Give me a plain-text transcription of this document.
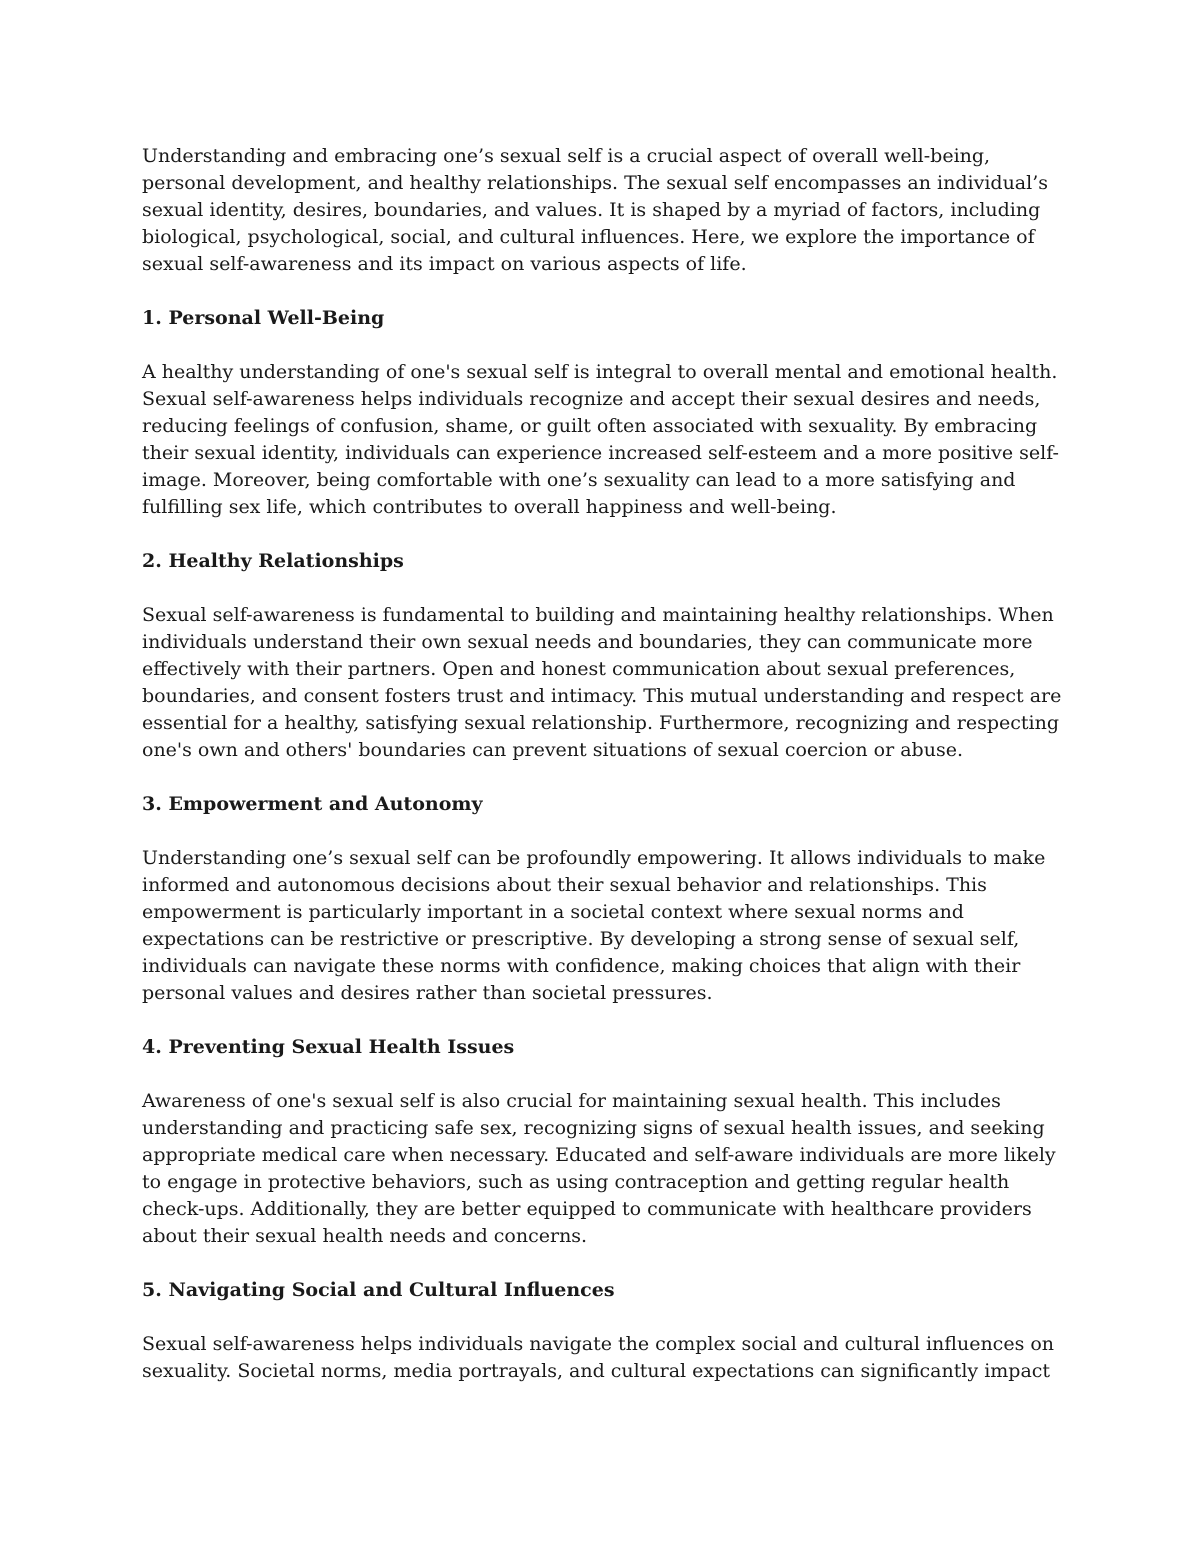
Understanding and embracing one’s sexual self is a crucial aspect of overall well-being, personal development, and healthy relationships. The sexual self encompasses an individual’s sexual identity, desires, boundaries, and values. It is shaped by a myriad of factors, including biological, psychological, social, and cultural influences. Here, we explore the importance of sexual self-awareness and its impact on various aspects of life.

1. Personal Well-Being

A healthy understanding of one's sexual self is integral to overall mental and emotional health. Sexual self-awareness helps individuals recognize and accept their sexual desires and needs, reducing feelings of confusion, shame, or guilt often associated with sexuality. By embracing their sexual identity, individuals can experience increased self-esteem and a more positive self-image. Moreover, being comfortable with one’s sexuality can lead to a more satisfying and fulfilling sex life, which contributes to overall happiness and well-being.

2. Healthy Relationships

Sexual self-awareness is fundamental to building and maintaining healthy relationships. When individuals understand their own sexual needs and boundaries, they can communicate more effectively with their partners. Open and honest communication about sexual preferences, boundaries, and consent fosters trust and intimacy. This mutual understanding and respect are essential for a healthy, satisfying sexual relationship. Furthermore, recognizing and respecting one's own and others' boundaries can prevent situations of sexual coercion or abuse.

3. Empowerment and Autonomy

Understanding one’s sexual self can be profoundly empowering. It allows individuals to make informed and autonomous decisions about their sexual behavior and relationships. This empowerment is particularly important in a societal context where sexual norms and expectations can be restrictive or prescriptive. By developing a strong sense of sexual self, individuals can navigate these norms with confidence, making choices that align with their personal values and desires rather than societal pressures.

4. Preventing Sexual Health Issues

Awareness of one's sexual self is also crucial for maintaining sexual health. This includes understanding and practicing safe sex, recognizing signs of sexual health issues, and seeking appropriate medical care when necessary. Educated and self-aware individuals are more likely to engage in protective behaviors, such as using contraception and getting regular health check-ups. Additionally, they are better equipped to communicate with healthcare providers about their sexual health needs and concerns.

5. Navigating Social and Cultural Influences

Sexual self-awareness helps individuals navigate the complex social and cultural influences on sexuality. Societal norms, media portrayals, and cultural expectations can significantly impact
